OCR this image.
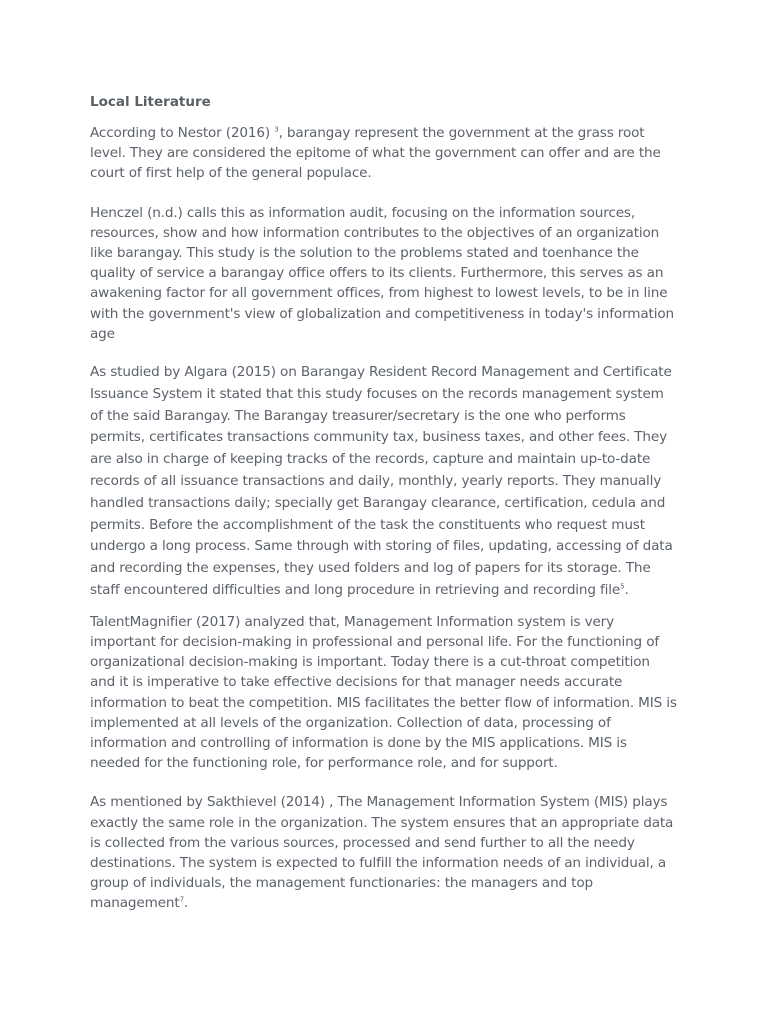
Local Literature

According to Nestor (2016) $^3$, barangay represent the government at the grass root level. They are considered the epitome of what the government can offer and are the court of first help of the general populace.

Henczel (n.d.) calls this as information audit, focusing on the information sources, resources, show and how information contributes to the objectives of an organization like barangay. This study is the solution to the problems stated and toenhance the quality of service a barangay office offers to its clients. Furthermore, this serves as an awakening factor for all government offices, from highest to lowest levels, to be in line with the government's view of globalization and competitiveness in today's information age

As studied by Algara (2015) on Barangay Resident Record Management and Certificate Issuance System it stated that this study focuses on the records management system of the said Barangay. The Barangay treasurer/secretary is the one who performs permits, certificates transactions community tax, business taxes, and other fees. They are also in charge of keeping tracks of the records, capture and maintain up-to-date records of all issuance transactions and daily, monthly, yearly reports. They manually handled transactions daily; specially get Barangay clearance, certification, cedula and permits. Before the accomplishment of the task the constituents who request must undergo a long process. Same through with storing of files, updating, accessing of data and recording the expenses, they used folders and log of papers for its storage. The staff encountered difficulties and long procedure in retrieving and recording file$^5$.

TalentMagnifier (2017) analyzed that, Management Information system is very important for decision-making in professional and personal life. For the functioning of organizational decision-making is important. Today there is a cut-throat competition and it is imperative to take effective decisions for that manager needs accurate information to beat the competition. MIS facilitates the better flow of information. MIS is implemented at all levels of the organization. Collection of data, processing of information and controlling of information is done by the MIS applications. MIS is needed for the functioning role, for performance role, and for support.

As mentioned by Sakthievel (2014) , The Management Information System (MIS) plays exactly the same role in the organization. The system ensures that an appropriate data is collected from the various sources, processed and send further to all the needy destinations. The system is expected to fulfill the information needs of an individual, a group of individuals, the management functionaries: the managers and top management$^7$.
